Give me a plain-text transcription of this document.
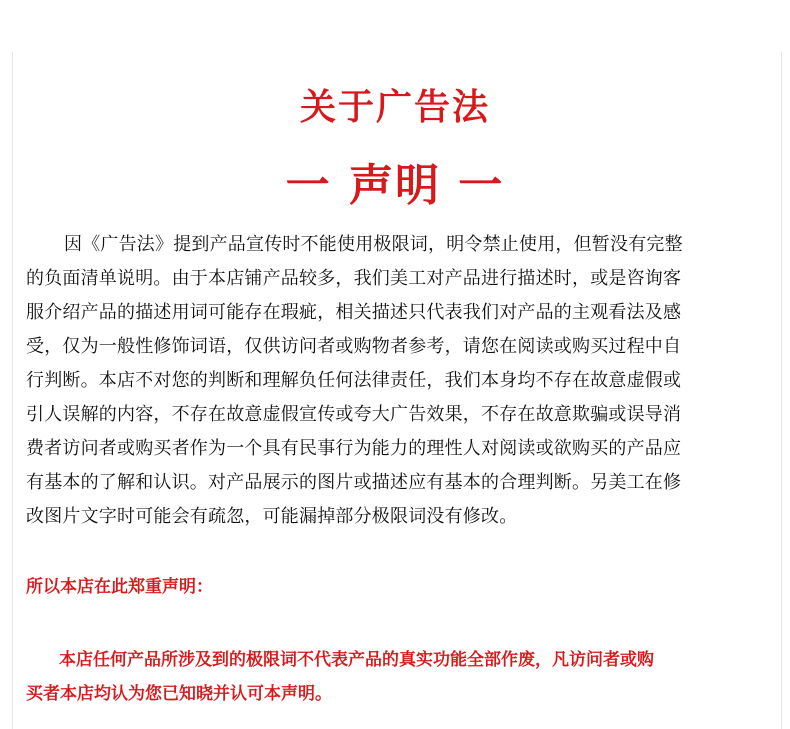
关于广告法
一 声明 一
因《广告法》提到产品宣传时不能使用极限词，明令禁止使用，但暂没有完整
的负面清单说明。由于本店铺产品较多，我们美工对产品进行描述时，或是咨询客
服介绍产品的描述用词可能存在瑕疵，相关描述只代表我们对产品的主观看法及感
受，仅为一般性修饰词语，仅供访问者或购物者参考，请您在阅读或购买过程中自
行判断。本店不对您的判断和理解负任何法律责任，我们本身均不存在故意虚假或
引人误解的内容，不存在故意虚假宣传或夸大广告效果，不存在故意欺骗或误导消
费者访问者或购买者作为一个具有民事行为能力的理性人对阅读或欲购买的产品应
有基本的了解和认识。对产品展示的图片或描述应有基本的合理判断。另美工在修
改图片文字时可能会有疏忽，可能漏掉部分极限词没有修改。
所以本店在此郑重声明：
本店任何产品所涉及到的极限词不代表产品的真实功能全部作废，凡访问者或购
买者本店均认为您已知晓并认可本声明。
